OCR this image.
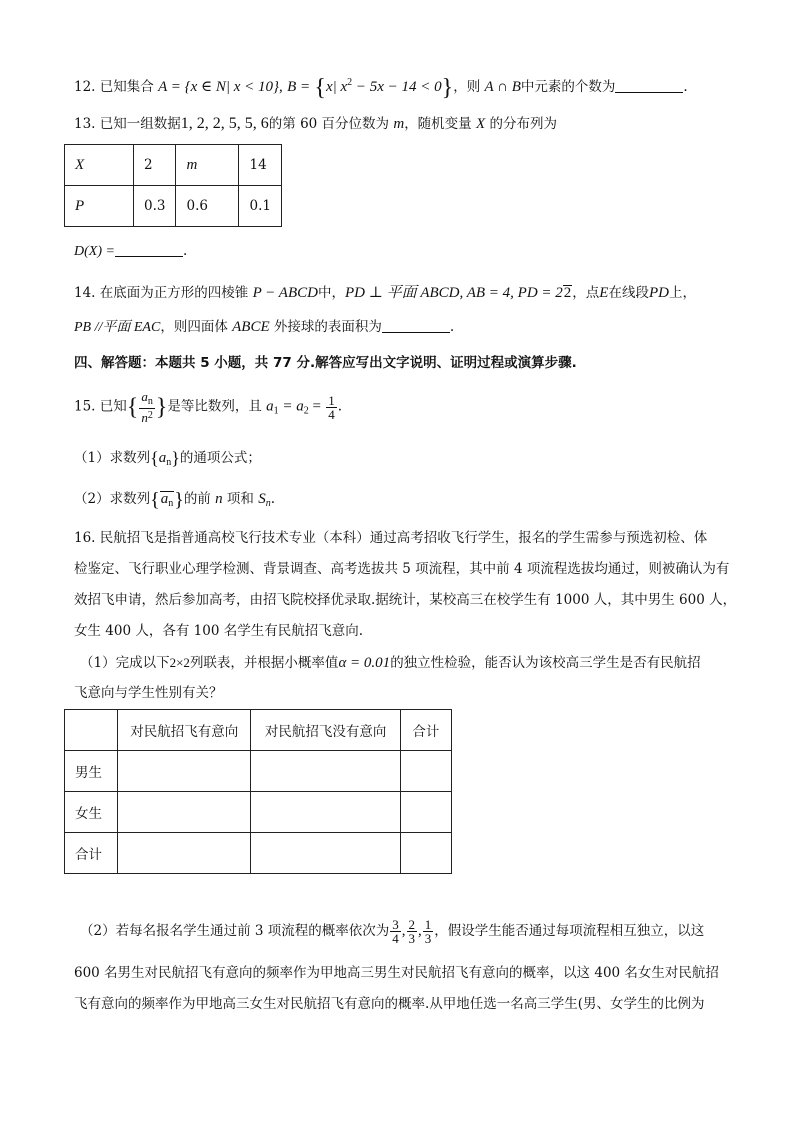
12. 已知集合 A = {x ∈ N| x < 10}, B = {x| $x^2 - 5x - 14 < 0$}，则 A ∩ B中元素的个数为	.
13. 已知一组数据1, 2, 2, 5, 5, 6的第 60 百分位数为 m，随机变量 X 的分布列为
X	2	m	14
P	0.3	0.6	0.1
D(X) =	.
14. 在底面为正方形的四棱锥 P − ABCD中，PD ⊥ 平面 ABCD, AB = 4, PD = 22，点E在线段PD上，
PB //平面 EAC，则四面体 ABCE 外接球的表面积为	.
四、解答题：本题共 5 小题，共 77 分.解答应写出文字说明、证明过程或演算步骤.
15. 已知{ $\frac{a_n}{n^2}$ }是等比数列，且 $a_1 = a_2 = \frac{1}{4}$ .
（1）求数列$\{a_n\}$的通项公式；
（2）求数列$\{a_n\}$的前 n 项和 $S_n$.
16. 民航招飞是指普通高校飞行技术专业（本科）通过高考招收飞行学生，报名的学生需参与预选初检、体
检鉴定、飞行职业心理学检测、背景调查、高考选拔共 5 项流程，其中前 4 项流程选拔均通过，则被确认为有
效招飞申请，然后参加高考，由招飞院校择优录取.据统计，某校高三在校学生有 1000 人，其中男生 600 人，
女生 400 人，各有 100 名学生有民航招飞意向.
（1）完成以下2×2列联表，并根据小概率值α = 0.01的独立性检验，能否认为该校高三学生是否有民航招
飞意向与学生性别有关？
	对民航招飞有意向	对民航招飞没有意向	合计
男生			
女生			
合计			
（2）若每名报名学生通过前 3 项流程的概率依次为 $\frac{3}{4}$ , $\frac{2}{3}$ , $\frac{1}{3}$ ，假设学生能否通过每项流程相互独立，以这
600 名男生对民航招飞有意向的频率作为甲地高三男生对民航招飞有意向的概率，以这 400 名女生对民航招
飞有意向的频率作为甲地高三女生对民航招飞有意向的概率.从甲地任选一名高三学生(男、女学生的比例为
